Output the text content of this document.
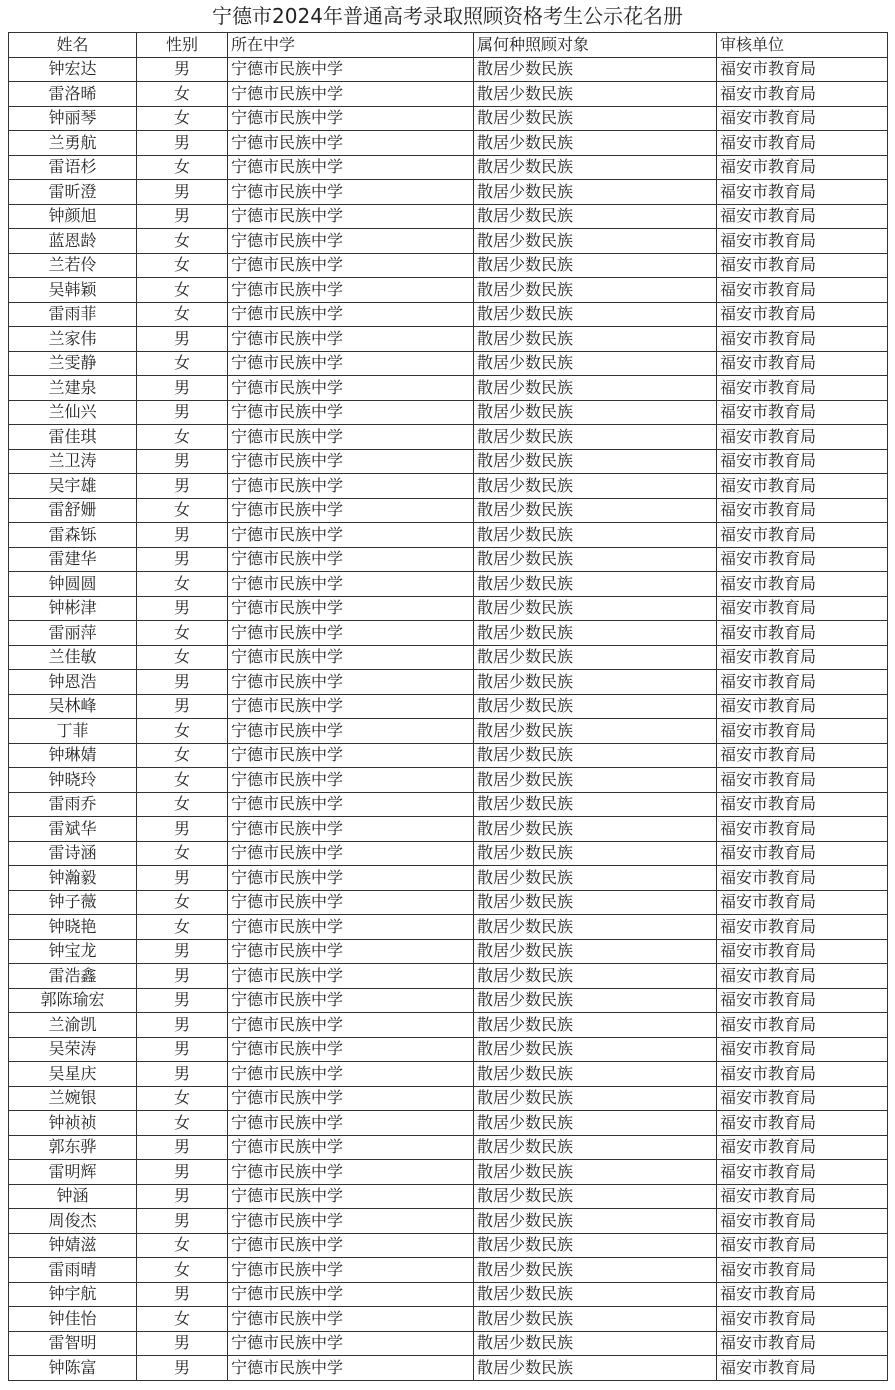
宁德市2024年普通高考录取照顾资格考生公示花名册
姓名	性别	所在中学	属何种照顾对象	审核单位
钟宏达	男	宁德市民族中学	散居少数民族	福安市教育局
雷洛晞	女	宁德市民族中学	散居少数民族	福安市教育局
钟丽琴	女	宁德市民族中学	散居少数民族	福安市教育局
兰勇航	男	宁德市民族中学	散居少数民族	福安市教育局
雷语杉	女	宁德市民族中学	散居少数民族	福安市教育局
雷昕澄	男	宁德市民族中学	散居少数民族	福安市教育局
钟颜旭	男	宁德市民族中学	散居少数民族	福安市教育局
蓝恩龄	女	宁德市民族中学	散居少数民族	福安市教育局
兰若伶	女	宁德市民族中学	散居少数民族	福安市教育局
吴韩颖	女	宁德市民族中学	散居少数民族	福安市教育局
雷雨菲	女	宁德市民族中学	散居少数民族	福安市教育局
兰家伟	男	宁德市民族中学	散居少数民族	福安市教育局
兰雯静	女	宁德市民族中学	散居少数民族	福安市教育局
兰建泉	男	宁德市民族中学	散居少数民族	福安市教育局
兰仙兴	男	宁德市民族中学	散居少数民族	福安市教育局
雷佳琪	女	宁德市民族中学	散居少数民族	福安市教育局
兰卫涛	男	宁德市民族中学	散居少数民族	福安市教育局
吴宇雄	男	宁德市民族中学	散居少数民族	福安市教育局
雷舒姗	女	宁德市民族中学	散居少数民族	福安市教育局
雷森铄	男	宁德市民族中学	散居少数民族	福安市教育局
雷建华	男	宁德市民族中学	散居少数民族	福安市教育局
钟圆圆	女	宁德市民族中学	散居少数民族	福安市教育局
钟彬津	男	宁德市民族中学	散居少数民族	福安市教育局
雷丽萍	女	宁德市民族中学	散居少数民族	福安市教育局
兰佳敏	女	宁德市民族中学	散居少数民族	福安市教育局
钟恩浩	男	宁德市民族中学	散居少数民族	福安市教育局
吴林峰	男	宁德市民族中学	散居少数民族	福安市教育局
丁菲	女	宁德市民族中学	散居少数民族	福安市教育局
钟琳婧	女	宁德市民族中学	散居少数民族	福安市教育局
钟晓玲	女	宁德市民族中学	散居少数民族	福安市教育局
雷雨乔	女	宁德市民族中学	散居少数民族	福安市教育局
雷斌华	男	宁德市民族中学	散居少数民族	福安市教育局
雷诗涵	女	宁德市民族中学	散居少数民族	福安市教育局
钟瀚毅	男	宁德市民族中学	散居少数民族	福安市教育局
钟子薇	女	宁德市民族中学	散居少数民族	福安市教育局
钟晓艳	女	宁德市民族中学	散居少数民族	福安市教育局
钟宝龙	男	宁德市民族中学	散居少数民族	福安市教育局
雷浩鑫	男	宁德市民族中学	散居少数民族	福安市教育局
郭陈瑜宏	男	宁德市民族中学	散居少数民族	福安市教育局
兰渝凯	男	宁德市民族中学	散居少数民族	福安市教育局
吴荣涛	男	宁德市民族中学	散居少数民族	福安市教育局
吴星庆	男	宁德市民族中学	散居少数民族	福安市教育局
兰婉银	女	宁德市民族中学	散居少数民族	福安市教育局
钟祯祯	女	宁德市民族中学	散居少数民族	福安市教育局
郭东骅	男	宁德市民族中学	散居少数民族	福安市教育局
雷明辉	男	宁德市民族中学	散居少数民族	福安市教育局
钟涵	男	宁德市民族中学	散居少数民族	福安市教育局
周俊杰	男	宁德市民族中学	散居少数民族	福安市教育局
钟婧滋	女	宁德市民族中学	散居少数民族	福安市教育局
雷雨晴	女	宁德市民族中学	散居少数民族	福安市教育局
钟宇航	男	宁德市民族中学	散居少数民族	福安市教育局
钟佳怡	女	宁德市民族中学	散居少数民族	福安市教育局
雷智明	男	宁德市民族中学	散居少数民族	福安市教育局
钟陈富	男	宁德市民族中学	散居少数民族	福安市教育局
